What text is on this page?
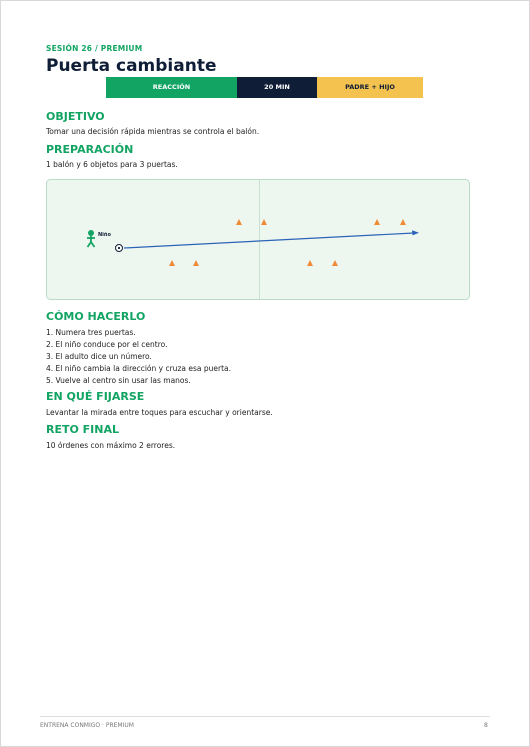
SESIÓN 26 / PREMIUM
Puerta cambiante
REACCIÓN	20 MIN	PADRE + HIJO
OBJETIVO
Tomar una decisión rápida mientras se controla el balón.
PREPARACIÓN
1 balón y 6 objetos para 3 puertas.
Niño
CÓMO HACERLO
1. Numera tres puertas.
2. El niño conduce por el centro.
3. El adulto dice un número.
4. El niño cambia la dirección y cruza esa puerta.
5. Vuelve al centro sin usar las manos.
EN QUÉ FIJARSE
Levantar la mirada entre toques para escuchar y orientarse.
RETO FINAL
10 órdenes con máximo 2 errores.
ENTRENA CONMIGO · PREMIUM	8
